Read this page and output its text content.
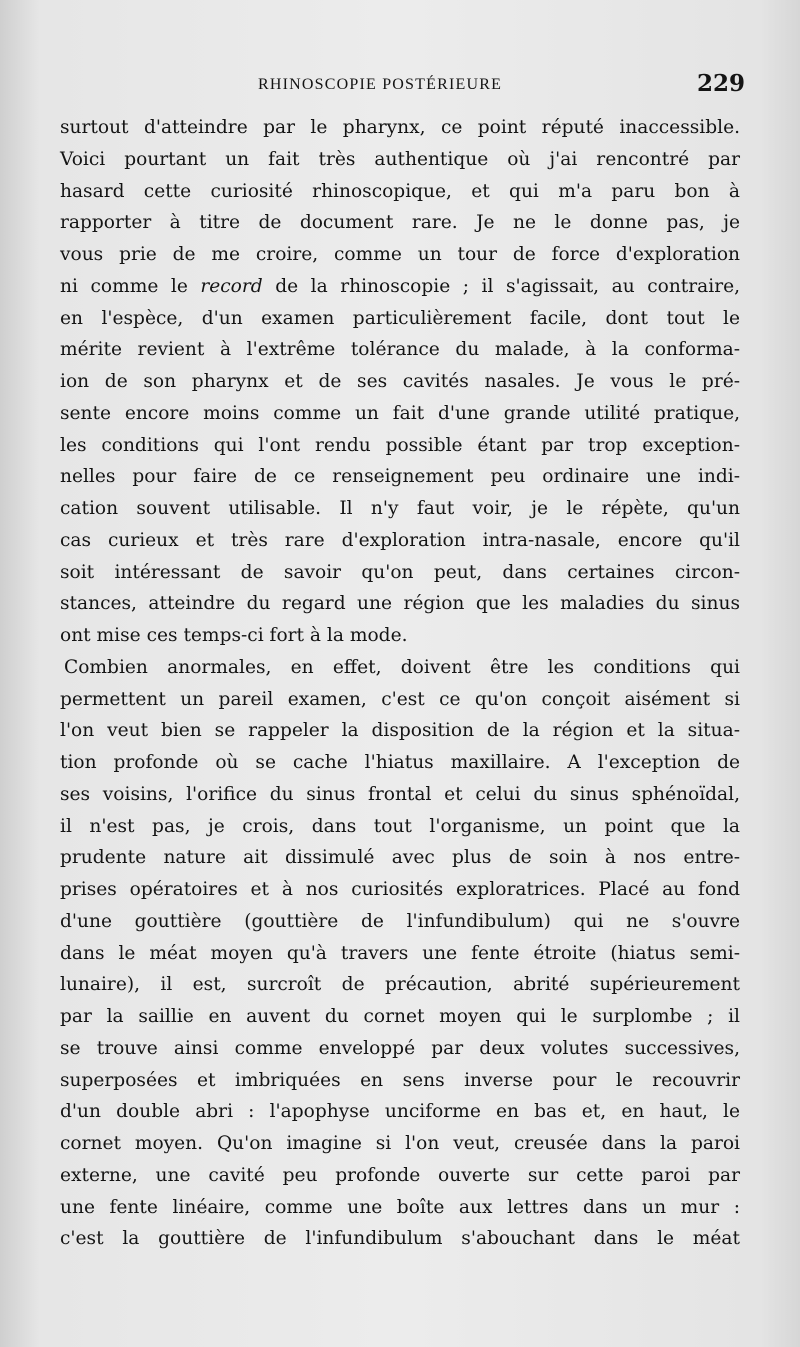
RHINOSCOPIE POSTÉRIEURE	229
surtout d'atteindre par le pharynx, ce point réputé inaccessible.
Voici pourtant un fait très authentique où j'ai rencontré par
hasard cette curiosité rhinoscopique, et qui m'a paru bon à
rapporter à titre de document rare. Je ne le donne pas, je
vous prie de me croire, comme un tour de force d'exploration
ni comme le record de la rhinoscopie ; il s'agissait, au contraire,
en l'espèce, d'un examen particulièrement facile, dont tout le
mérite revient à l'extrême tolérance du malade, à la conforma-
ion de son pharynx et de ses cavités nasales. Je vous le pré-
sente encore moins comme un fait d'une grande utilité pratique,
les conditions qui l'ont rendu possible étant par trop exception-
nelles pour faire de ce renseignement peu ordinaire une indi-
cation souvent utilisable. Il n'y faut voir, je le répète, qu'un
cas curieux et très rare d'exploration intra-nasale, encore qu'il
soit intéressant de savoir qu'on peut, dans certaines circon-
stances, atteindre du regard une région que les maladies du sinus
ont mise ces temps-ci fort à la mode.
Combien anormales, en effet, doivent être les conditions qui
permettent un pareil examen, c'est ce qu'on conçoit aisément si
l'on veut bien se rappeler la disposition de la région et la situa-
tion profonde où se cache l'hiatus maxillaire. A l'exception de
ses voisins, l'orifice du sinus frontal et celui du sinus sphénoïdal,
il n'est pas, je crois, dans tout l'organisme, un point que la
prudente nature ait dissimulé avec plus de soin à nos entre-
prises opératoires et à nos curiosités exploratrices. Placé au fond
d'une gouttière (gouttière de l'infundibulum) qui ne s'ouvre
dans le méat moyen qu'à travers une fente étroite (hiatus semi-
lunaire), il est, surcroît de précaution, abrité supérieurement
par la saillie en auvent du cornet moyen qui le surplombe ; il
se trouve ainsi comme enveloppé par deux volutes successives,
superposées et imbriquées en sens inverse pour le recouvrir
d'un double abri : l'apophyse unciforme en bas et, en haut, le
cornet moyen. Qu'on imagine si l'on veut, creusée dans la paroi
externe, une cavité peu profonde ouverte sur cette paroi par
une fente linéaire, comme une boîte aux lettres dans un mur :
c'est la gouttière de l'infundibulum s'abouchant dans le méat
